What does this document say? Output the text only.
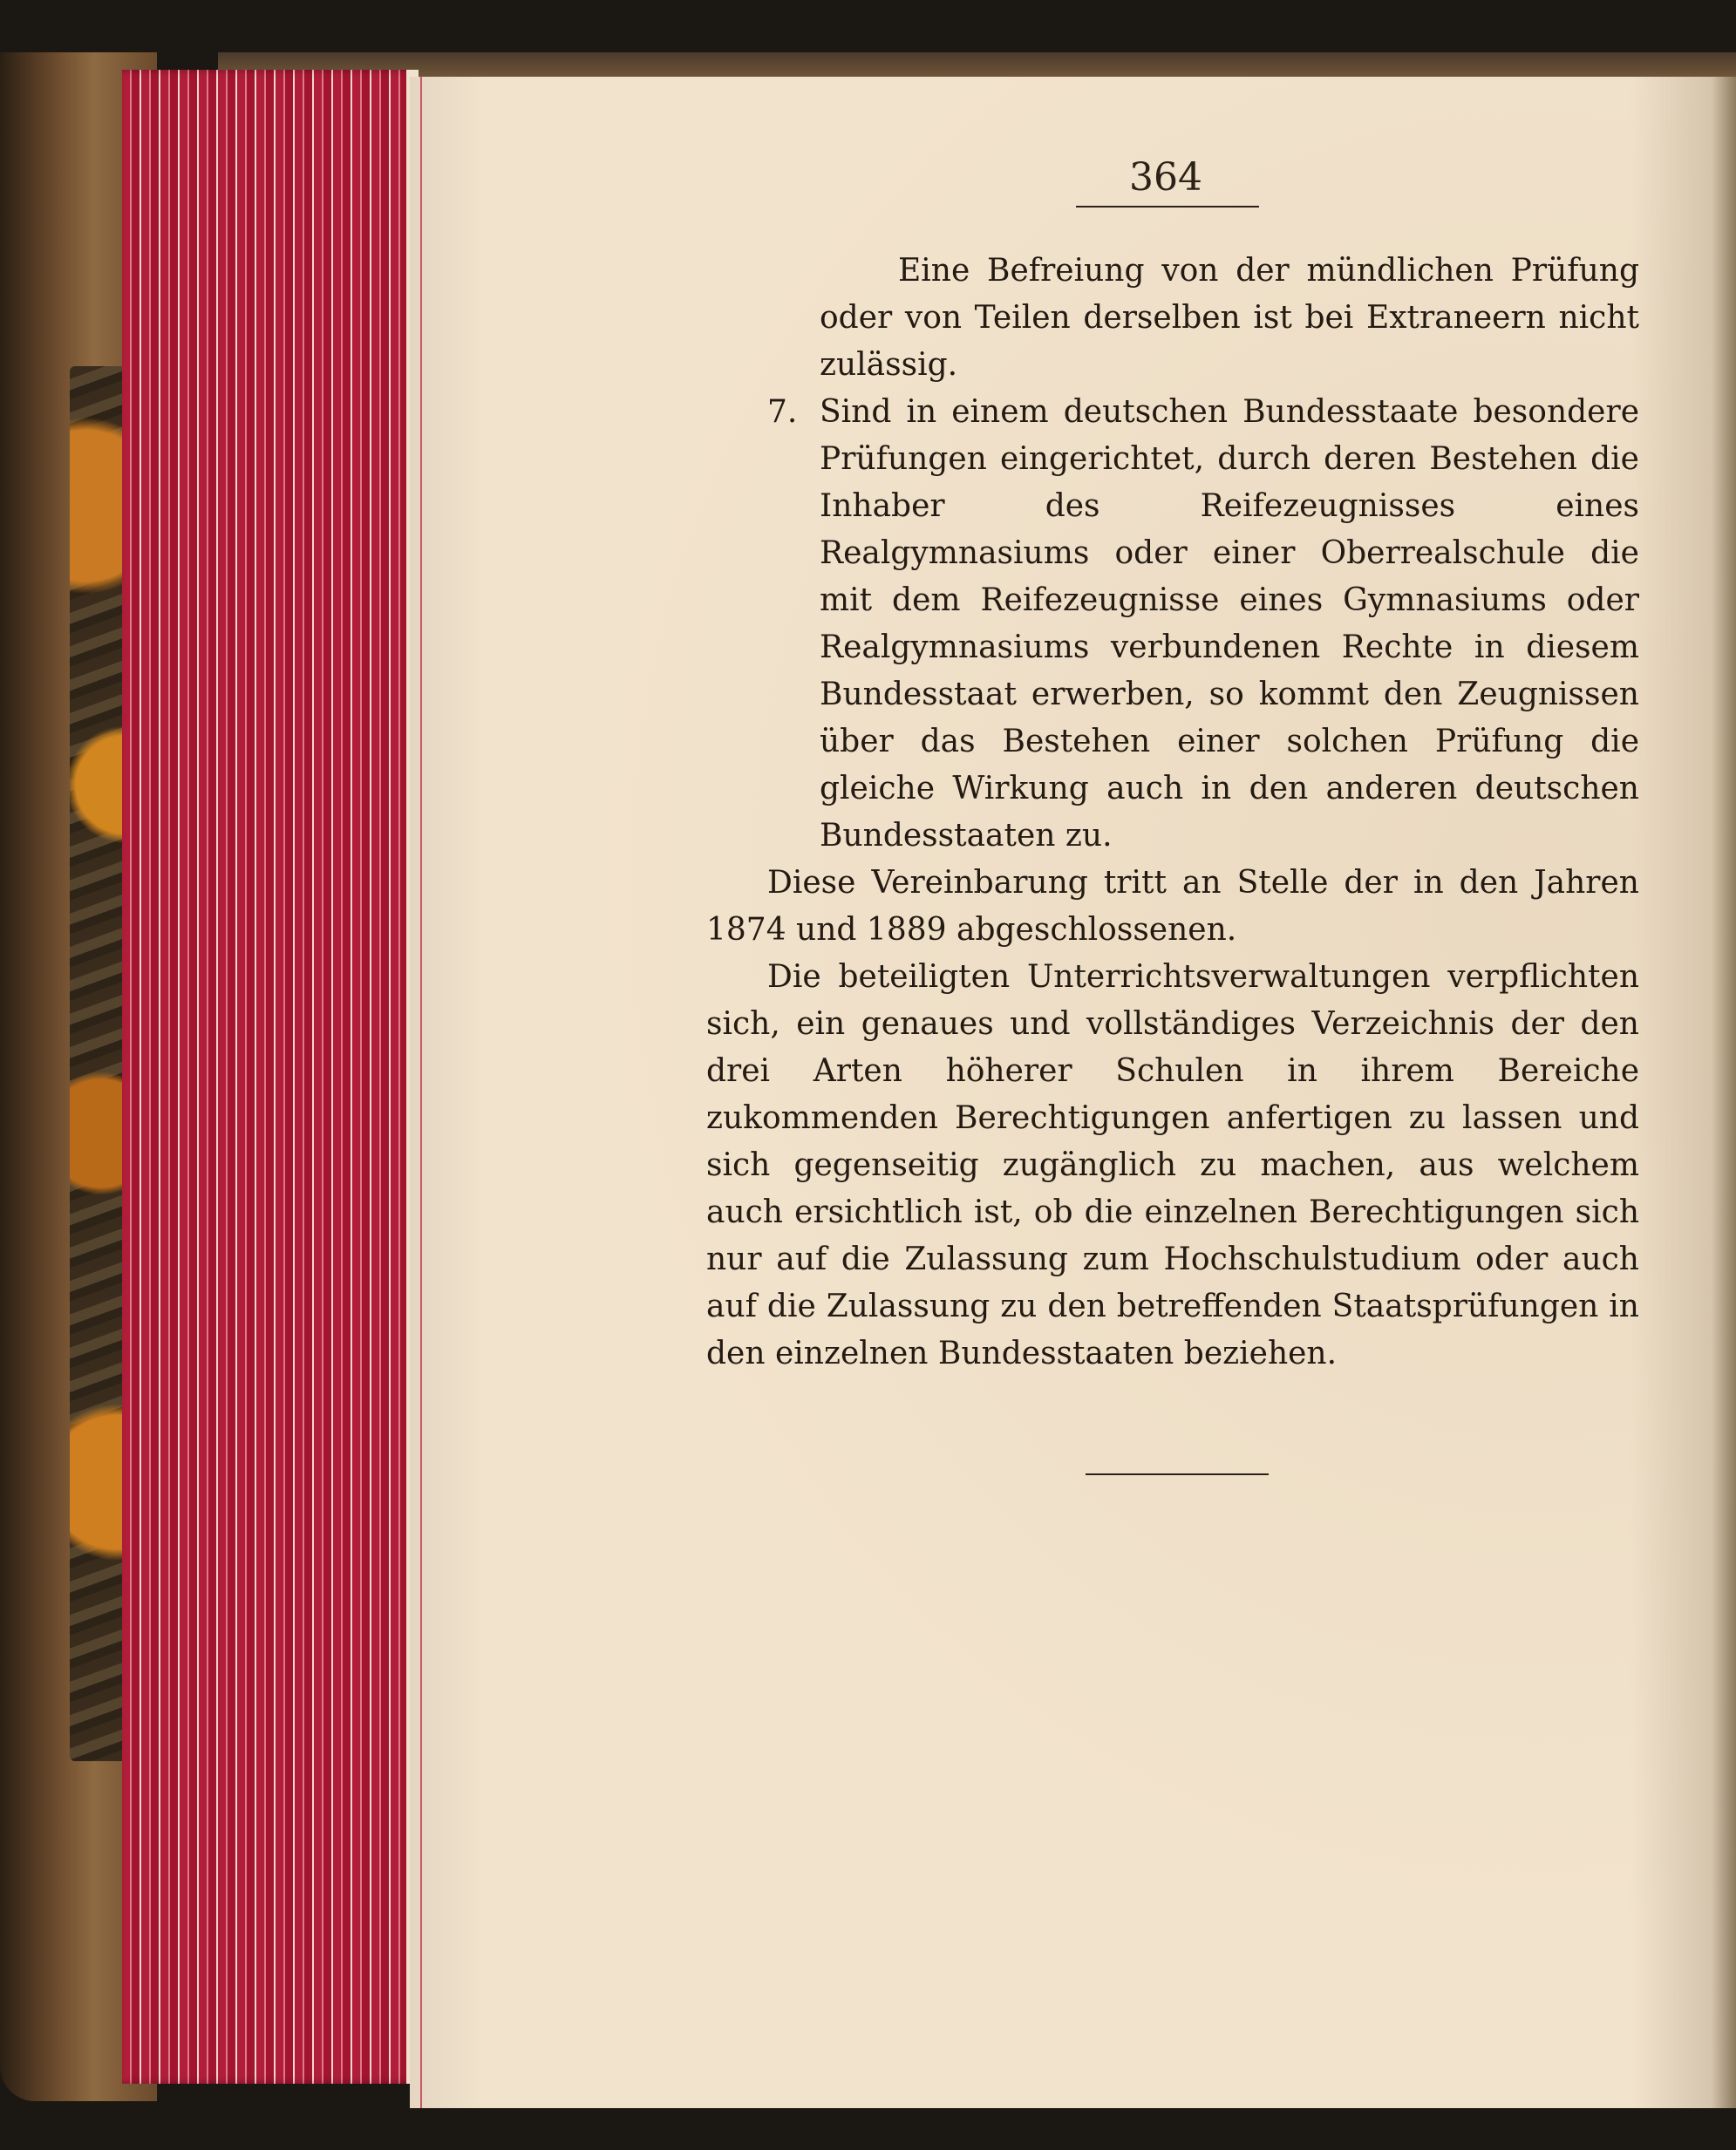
364

Eine Befreiung von der mündlichen Prüfung oder von Teilen derselben ist bei Extraneern nicht zulässig.

7. Sind in einem deutschen Bundesstaate besondere Prüfungen eingerichtet, durch deren Bestehen die Inhaber des Reifezeugnisses eines Realgymnasiums oder einer Oberrealschule die mit dem Reifezeugnisse eines Gymnasiums oder Realgymnasiums verbundenen Rechte in diesem Bundesstaat erwerben, so kommt den Zeugnissen über das Bestehen einer solchen Prüfung die gleiche Wirkung auch in den anderen deutschen Bundesstaaten zu.

Diese Vereinbarung tritt an Stelle der in den Jahren 1874 und 1889 abgeschlossenen.

Die beteiligten Unterrichtsverwaltungen verpflichten sich, ein genaues und vollständiges Verzeichnis der den drei Arten höherer Schulen in ihrem Bereiche zukommenden Berechtigungen anfertigen zu lassen und sich gegenseitig zugänglich zu machen, aus welchem auch ersichtlich ist, ob die einzelnen Berechtigungen sich nur auf die Zulassung zum Hochschulstudium oder auch auf die Zulassung zu den betreffenden Staatsprüfungen in den einzelnen Bundesstaaten beziehen.
